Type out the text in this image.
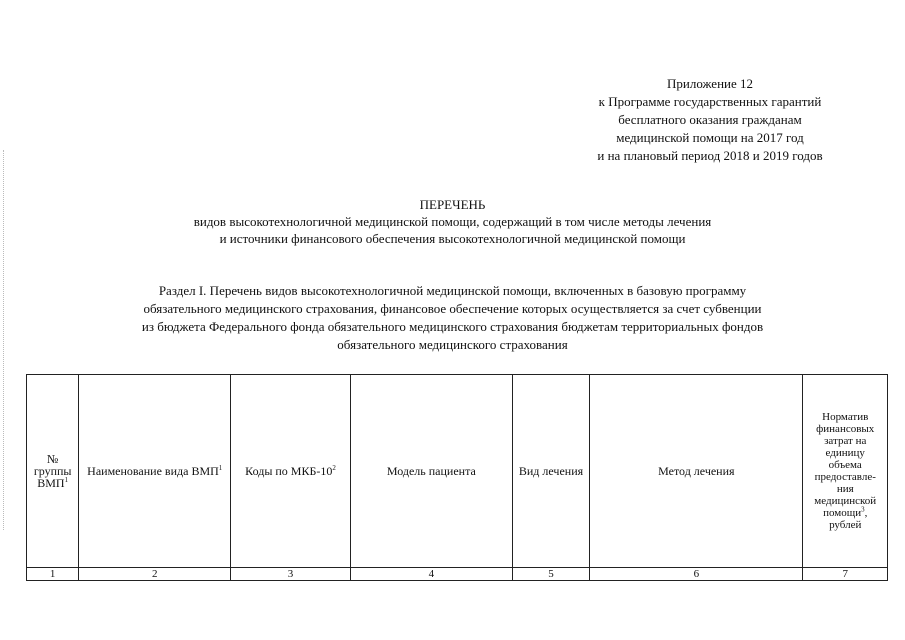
Приложение 12
к Программе государственных гарантий
бесплатного оказания гражданам
медицинской помощи на 2017 год
и на плановый период 2018 и 2019 годов
ПЕРЕЧЕНЬ
видов высокотехнологичной медицинской помощи, содержащий в том числе методы лечения
и источники финансового обеспечения высокотехнологичной медицинской помощи
Раздел I. Перечень видов высокотехнологичной медицинской помощи, включенных в базовую программу
обязательного медицинского страхования, финансовое обеспечение которых осуществляется за счет субвенции
из бюджета Федерального фонда обязательного медицинского страхования бюджетам территориальных фондов
обязательного медицинского страхования
№ группы ВМП$^1$	Наименование вида ВМП$^1$	Коды по МКБ-$10^2$	Модель пациента	Вид лечения	Метод лечения	Норматив финансовых затрат на единицу объема предоставле-ния медицинской помощи$^3$, рублей
1	2	3	4	5	6	7
